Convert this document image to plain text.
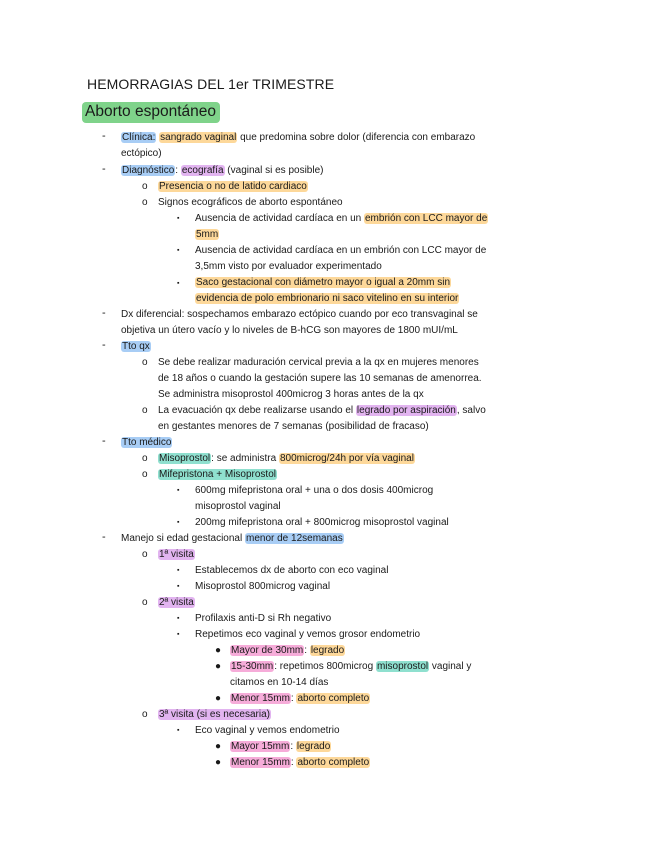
HEMORRAGIAS DEL 1er TRIMESTRE
Aborto espontáneo
- Clínica: sangrado vaginal que predomina sobre dolor (diferencia con embarazo
ectópico)
- Diagnóstico: ecografía (vaginal si es posible)
o Presencia o no de latido cardiaco
o Signos ecográficos de aborto espontáneo
▪ Ausencia de actividad cardíaca en un embrión con LCC mayor de
5mm
▪ Ausencia de actividad cardíaca en un embrión con LCC mayor de
3,5mm visto por evaluador experimentado
▪ Saco gestacional con diámetro mayor o igual a 20mm sin
evidencia de polo embrionario ni saco vitelino en su interior
- Dx diferencial: sospechamos embarazo ectópico cuando por eco transvaginal se
objetiva un útero vacío y lo niveles de B-hCG son mayores de 1800 mUI/mL
- Tto qx
o Se debe realizar maduración cervical previa a la qx en mujeres menores
de 18 años o cuando la gestación supere las 10 semanas de amenorrea.
Se administra misoprostol 400microg 3 horas antes de la qx
o La evacuación qx debe realizarse usando el legrado por aspiración, salvo
en gestantes menores de 7 semanas (posibilidad de fracaso)
- Tto médico
o Misoprostol: se administra 800microg/24h por vía vaginal
o Mifepristona + Misoprostol
▪ 600mg mifepristona oral + una o dos dosis 400microg
misoprostol vaginal
▪ 200mg mifepristona oral + 800microg misoprostol vaginal
- Manejo si edad gestacional menor de 12semanas
o 1ª visita
▪ Establecemos dx de aborto con eco vaginal
▪ Misoprostol 800microg vaginal
o 2ª visita
▪ Profilaxis anti-D si Rh negativo
▪ Repetimos eco vaginal y vemos grosor endometrio
● Mayor de 30mm: legrado
● 15-30mm: repetimos 800microg misoprostol vaginal y
citamos en 10-14 días
● Menor 15mm: aborto completo
o 3ª visita (si es necesaria)
▪ Eco vaginal y vemos endometrio
● Mayor 15mm: legrado
● Menor 15mm: aborto completo
